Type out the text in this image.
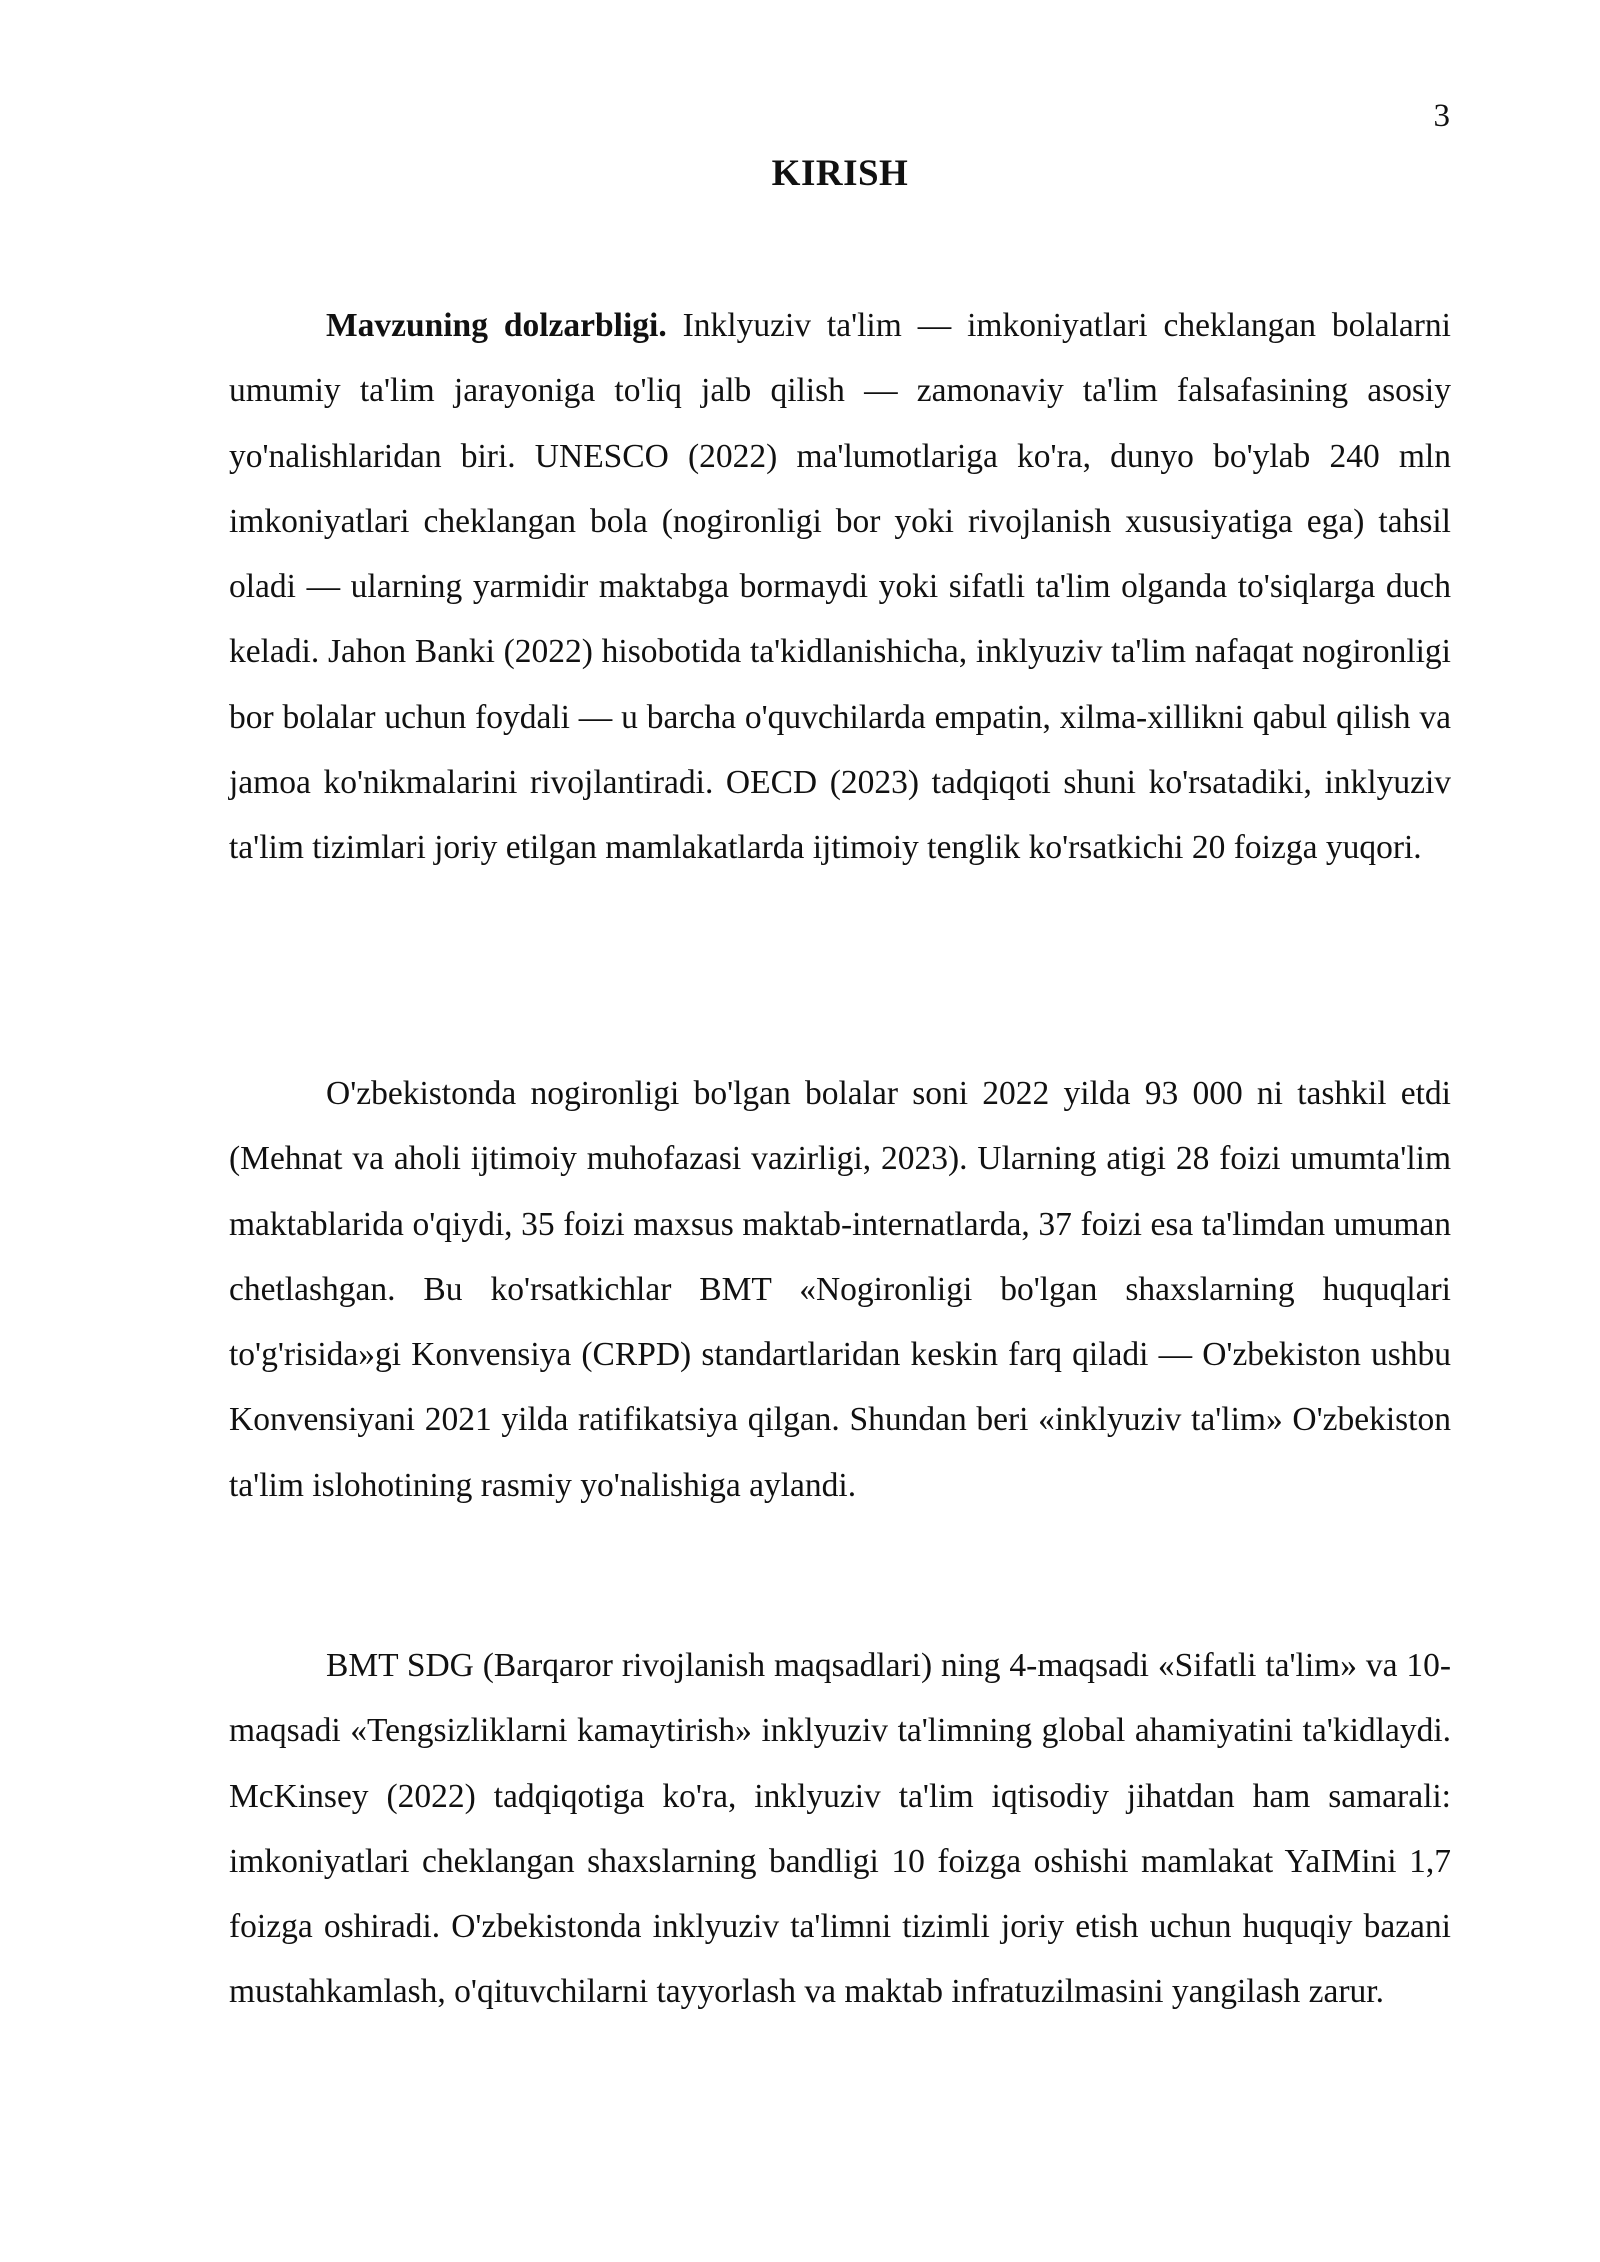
3
KIRISH

Mavzuning dolzarbligi. Inklyuziv ta'lim — imkoniyatlari cheklangan bolalarni umumiy ta'lim jarayoniga to'liq jalb qilish — zamonaviy ta'lim falsafasining asosiy yo'nalishlaridan biri. UNESCO (2022) ma'lumotlariga ko'ra, dunyo bo'ylab 240 mln imkoniyatlari cheklangan bola (nogironligi bor yoki rivojlanish xususiyatiga ega) tahsil oladi — ularning yarmidir maktabga bormaydi yoki sifatli ta'lim olganda to'siqlarga duch keladi. Jahon Banki (2022) hisobotida ta'kidlanishicha, inklyuziv ta'lim nafaqat nogironligi bor bolalar uchun foydali — u barcha o'quvchilarda empatin, xilma-xillikni qabul qilish va jamoa ko'nikmalarini rivojlantiradi. OECD (2023) tadqiqoti shuni ko'rsatadiki, inklyuziv ta'lim tizimlari joriy etilgan mamlakatlarda ijtimoiy tenglik ko'rsatkichi 20 foizga yuqori.

O'zbekistonda nogironligi bo'lgan bolalar soni 2022 yilda 93 000 ni tashkil etdi (Mehnat va aholi ijtimoiy muhofazasi vazirligi, 2023). Ularning atigi 28 foizi umumta'lim maktablarida o'qiydi, 35 foizi maxsus maktab-internatlarda, 37 foizi esa ta'limdan umuman chetlashgan. Bu ko'rsatkichlar BMT «Nogironligi bo'lgan shaxslarning huquqlari to'g'risida»gi Konvensiya (CRPD) standartlaridan keskin farq qiladi — O'zbekiston ushbu Konvensiyani 2021 yilda ratifikatsiya qilgan. Shundan beri «inklyuziv ta'lim» O'zbekiston ta'lim islohotining rasmiy yo'nalishiga aylandi.

BMT SDG (Barqaror rivojlanish maqsadlari) ning 4-maqsadi «Sifatli ta'lim» va 10-maqsadi «Tengsizliklarni kamaytirish» inklyuziv ta'limning global ahamiyatini ta'kidlaydi. McKinsey (2022) tadqiqotiga ko'ra, inklyuziv ta'lim iqtisodiy jihatdan ham samarali: imkoniyatlari cheklangan shaxslarning bandligi 10 foizga oshishi mamlakat YaIMini 1,7 foizga oshiradi. O'zbekistonda inklyuziv ta'limni tizimli joriy etish uchun huquqiy bazani mustahkamlash, o'qituvchilarni tayyorlash va maktab infratuzilmasini yangilash zarur.
